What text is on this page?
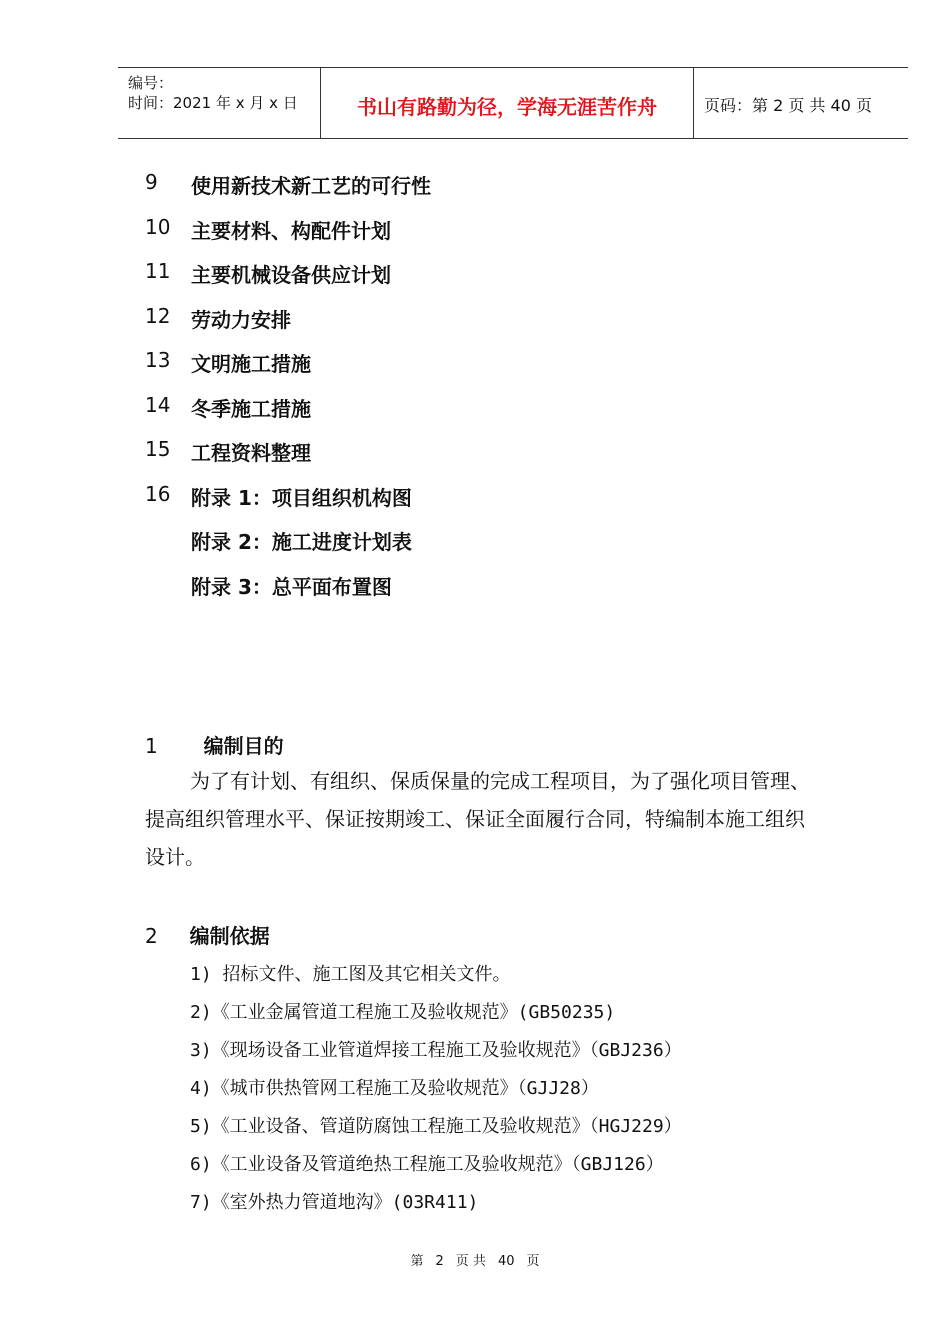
编号：
时间：2021 年 x 月 x 日	书山有路勤为径，学海无涯苦作舟	页码：第 2 页 共 40 页
9	使用新技术新工艺的可行性
10	主要材料、构配件计划
11	主要机械设备供应计划
12	劳动力安排
13	文明施工措施
14	冬季施工措施
15	工程资料整理
16	附录 1：项目组织机构图
附录 2：施工进度计划表
附录 3：总平面布置图
1 编制目的
为了有计划、有组织、保质保量的完成工程项目，为了强化项目管理、
提高组织管理水平、保证按期竣工、保证全面履行合同，特编制本施工组织
设计。
2 编制依据
1) 招标文件、施工图及其它相关文件。
2)《工业金属管道工程施工及验收规范》(GB50235)
3)《现场设备工业管道焊接工程施工及验收规范》（GBJ236）
4)《城市供热管网工程施工及验收规范》（GJJ28）
5)《工业设备、管道防腐蚀工程施工及验收规范》（HGJ229）
6)《工业设备及管道绝热工程施工及验收规范》（GBJ126）
7)《室外热力管道地沟》(03R411)
第 2 页 共 40 页
